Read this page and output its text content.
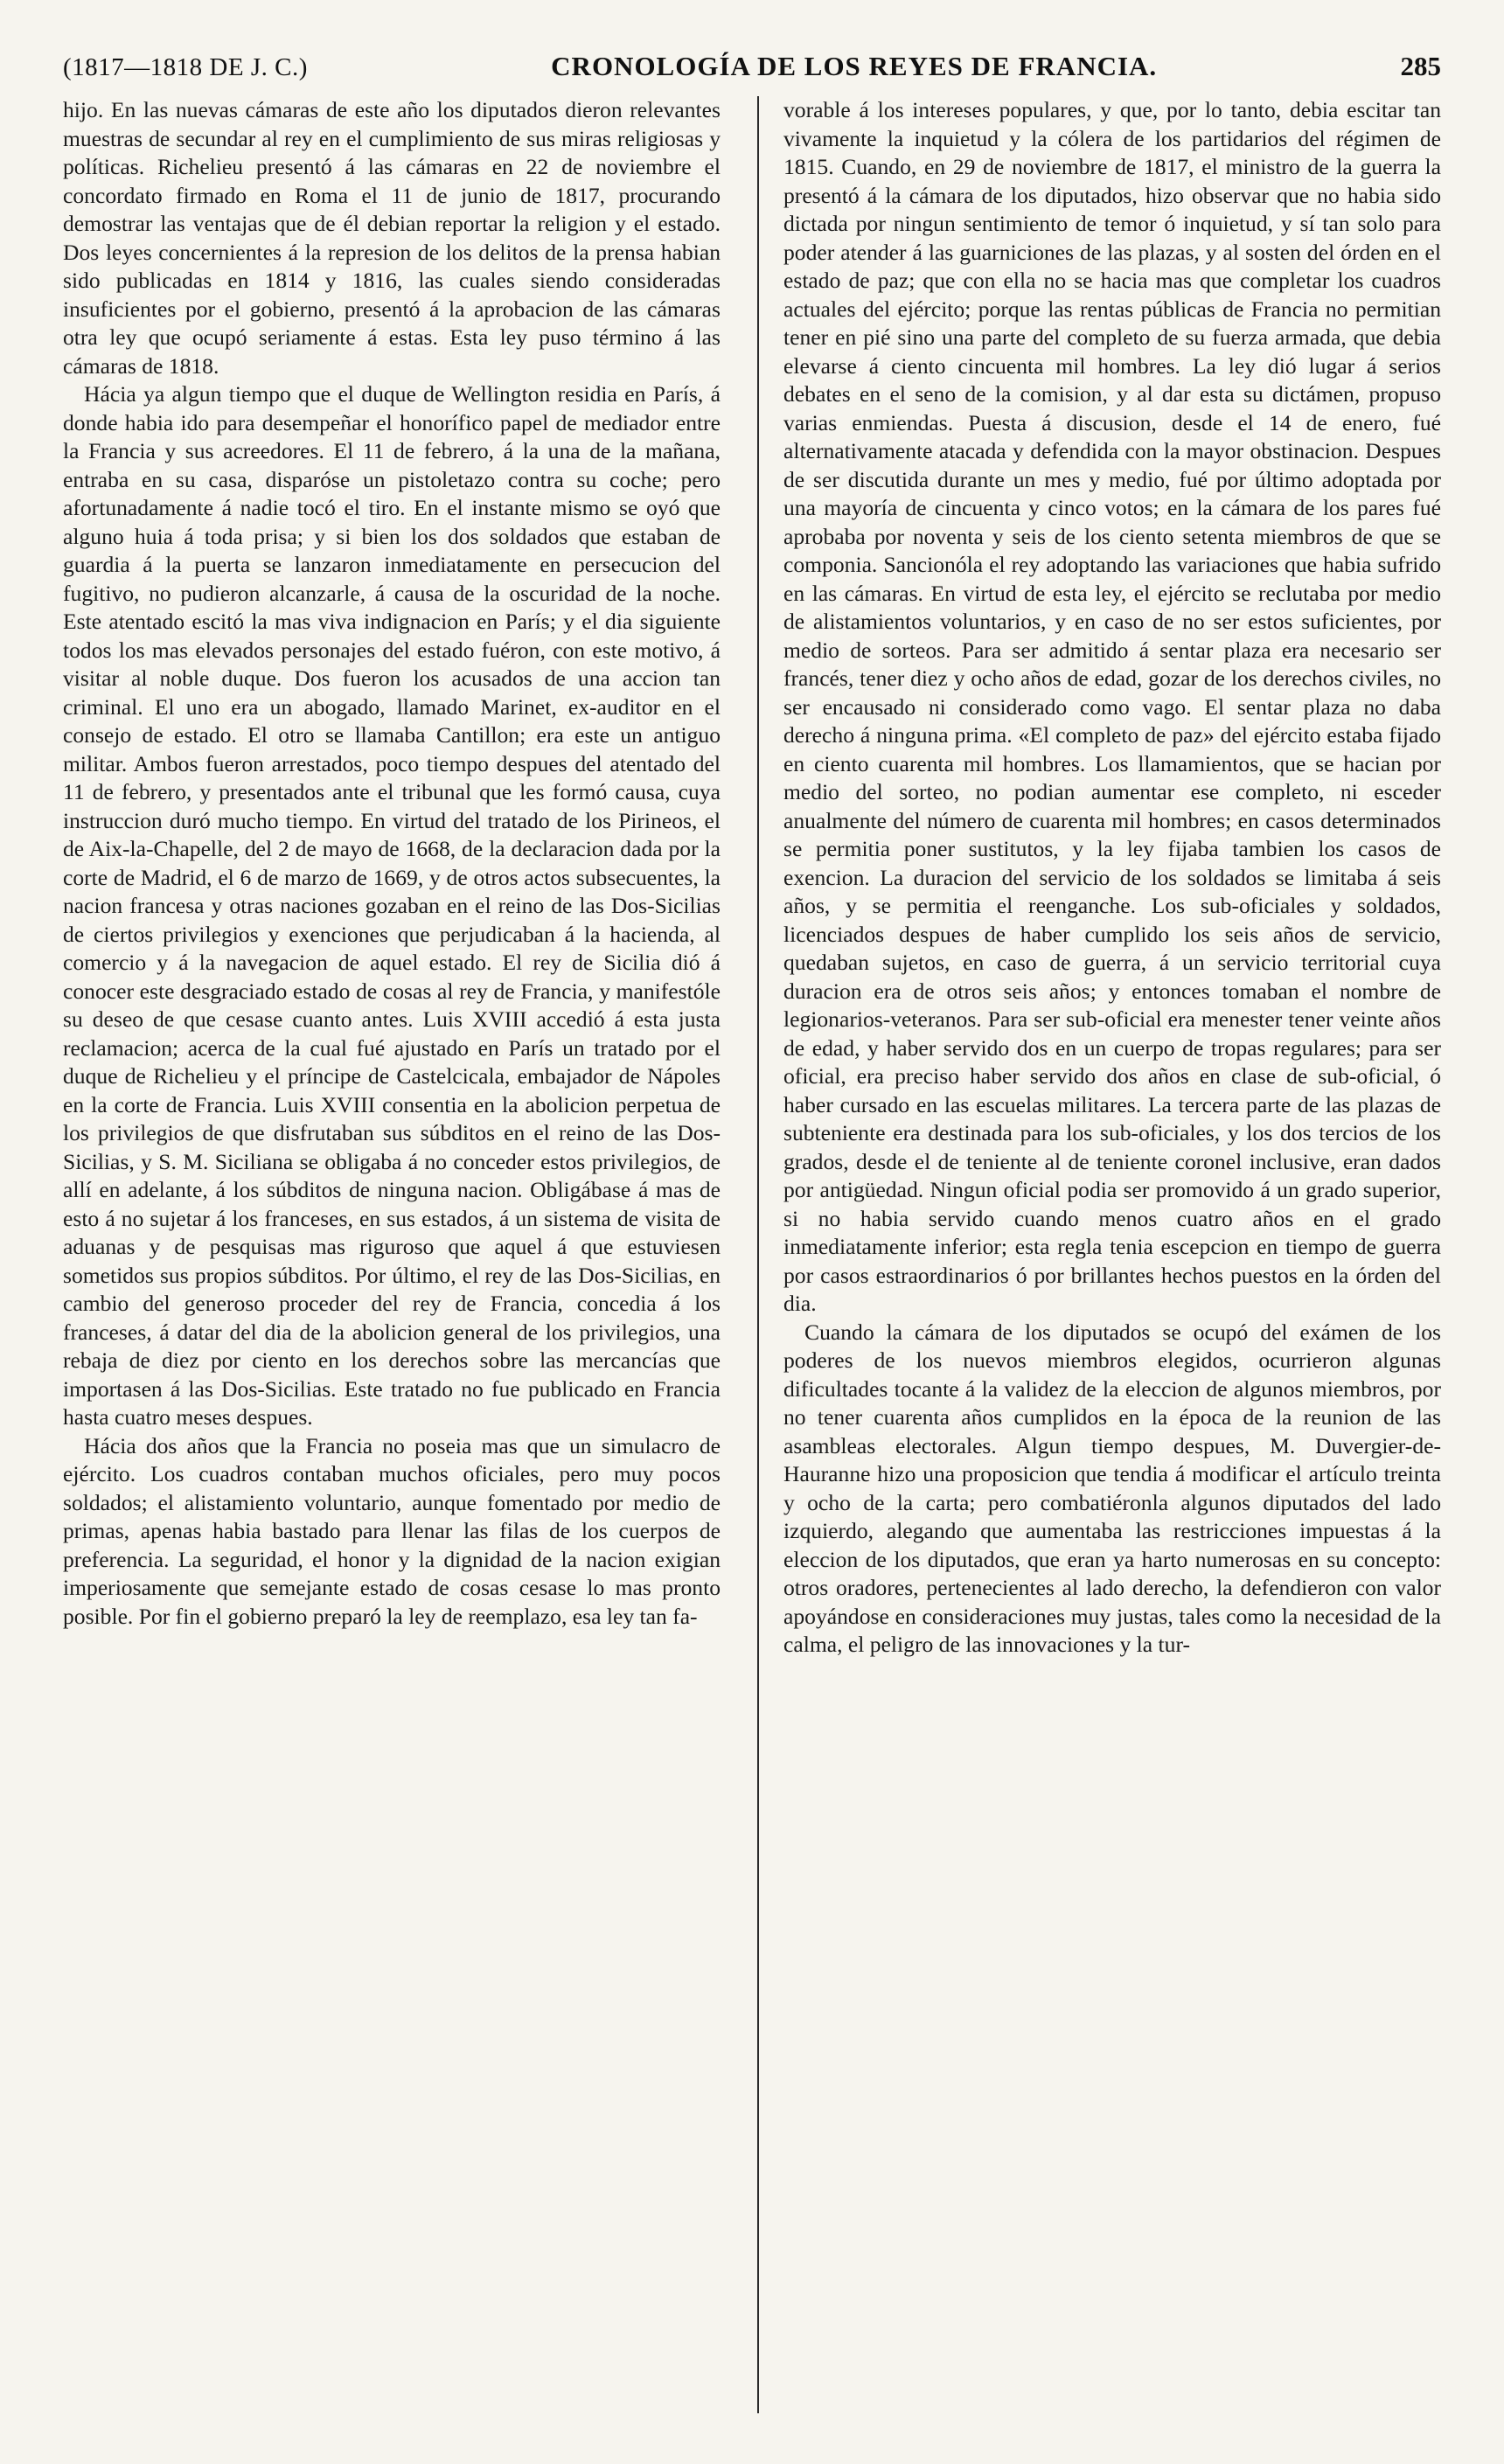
(1817—1818 DE J. C.)	CRONOLOGÍA DE LOS REYES DE FRANCIA.	285

hijo. En las nuevas cámaras de este año los diputados dieron relevantes muestras de secundar al rey en el cumplimiento de sus miras religiosas y políticas. Richelieu presentó á las cámaras en 22 de noviembre el concordato firmado en Roma el 11 de junio de 1817, procurando demostrar las ventajas que de él debian reportar la religion y el estado. Dos leyes concernientes á la represion de los delitos de la prensa habian sido publicadas en 1814 y 1816, las cuales siendo consideradas insuficientes por el gobierno, presentó á la aprobacion de las cámaras otra ley que ocupó seriamente á estas. Esta ley puso término á las cámaras de 1818.

Hácia ya algun tiempo que el duque de Wellington residia en París, á donde habia ido para desempeñar el honorífico papel de mediador entre la Francia y sus acreedores. El 11 de febrero, á la una de la mañana, entraba en su casa, disparóse un pistoletazo contra su coche; pero afortunadamente á nadie tocó el tiro. En el instante mismo se oyó que alguno huia á toda prisa; y si bien los dos soldados que estaban de guardia á la puerta se lanzaron inmediatamente en persecucion del fugitivo, no pudieron alcanzarle, á causa de la oscuridad de la noche. Este atentado escitó la mas viva indignacion en París; y el dia siguiente todos los mas elevados personajes del estado fuéron, con este motivo, á visitar al noble duque. Dos fueron los acusados de una accion tan criminal. El uno era un abogado, llamado Marinet, ex-auditor en el consejo de estado. El otro se llamaba Cantillon; era este un antiguo militar. Ambos fueron arrestados, poco tiempo despues del atentado del 11 de febrero, y presentados ante el tribunal que les formó causa, cuya instruccion duró mucho tiempo. En virtud del tratado de los Pirineos, el de Aix-la-Chapelle, del 2 de mayo de 1668, de la declaracion dada por la corte de Madrid, el 6 de marzo de 1669, y de otros actos subsecuentes, la nacion francesa y otras naciones gozaban en el reino de las Dos-Sicilias de ciertos privilegios y exenciones que perjudicaban á la hacienda, al comercio y á la navegacion de aquel estado. El rey de Sicilia dió á conocer este desgraciado estado de cosas al rey de Francia, y manifestóle su deseo de que cesase cuanto antes. Luis XVIII accedió á esta justa reclamacion; acerca de la cual fué ajustado en París un tratado por el duque de Richelieu y el príncipe de Castelcicala, embajador de Nápoles en la corte de Francia. Luis XVIII consentia en la abolicion perpetua de los privilegios de que disfrutaban sus súbditos en el reino de las Dos-Sicilias, y S. M. Siciliana se obligaba á no conceder estos privilegios, de allí en adelante, á los súbditos de ninguna nacion. Obligábase á mas de esto á no sujetar á los franceses, en sus estados, á un sistema de visita de aduanas y de pesquisas mas riguroso que aquel á que estuviesen sometidos sus propios súbditos. Por último, el rey de las Dos-Sicilias, en cambio del generoso proceder del rey de Francia, concedia á los franceses, á datar del dia de la abolicion general de los privilegios, una rebaja de diez por ciento en los derechos sobre las mercancías que importasen á las Dos-Sicilias. Este tratado no fue publicado en Francia hasta cuatro meses despues.

Hácia dos años que la Francia no poseia mas que un simulacro de ejército. Los cuadros contaban muchos oficiales, pero muy pocos soldados; el alistamiento voluntario, aunque fomentado por medio de primas, apenas habia bastado para llenar las filas de los cuerpos de preferencia. La seguridad, el honor y la dignidad de la nacion exigian imperiosamente que semejante estado de cosas cesase lo mas pronto posible. Por fin el gobierno preparó la ley de reemplazo, esa ley tan fa-

vorable á los intereses populares, y que, por lo tanto, debia escitar tan vivamente la inquietud y la cólera de los partidarios del régimen de 1815. Cuando, en 29 de noviembre de 1817, el ministro de la guerra la presentó á la cámara de los diputados, hizo observar que no habia sido dictada por ningun sentimiento de temor ó inquietud, y sí tan solo para poder atender á las guarniciones de las plazas, y al sosten del órden en el estado de paz; que con ella no se hacia mas que completar los cuadros actuales del ejército; porque las rentas públicas de Francia no permitian tener en pié sino una parte del completo de su fuerza armada, que debia elevarse á ciento cincuenta mil hombres. La ley dió lugar á serios debates en el seno de la comision, y al dar esta su dictámen, propuso varias enmiendas. Puesta á discusion, desde el 14 de enero, fué alternativamente atacada y defendida con la mayor obstinacion. Despues de ser discutida durante un mes y medio, fué por último adoptada por una mayoría de cincuenta y cinco votos; en la cámara de los pares fué aprobaba por noventa y seis de los ciento setenta miembros de que se componia. Sancionóla el rey adoptando las variaciones que habia sufrido en las cámaras. En virtud de esta ley, el ejército se reclutaba por medio de alistamientos voluntarios, y en caso de no ser estos suficientes, por medio de sorteos. Para ser admitido á sentar plaza era necesario ser francés, tener diez y ocho años de edad, gozar de los derechos civiles, no ser encausado ni considerado como vago. El sentar plaza no daba derecho á ninguna prima. «El completo de paz» del ejército estaba fijado en ciento cuarenta mil hombres. Los llamamientos, que se hacian por medio del sorteo, no podian aumentar ese completo, ni esceder anualmente del número de cuarenta mil hombres; en casos determinados se permitia poner sustitutos, y la ley fijaba tambien los casos de exencion. La duracion del servicio de los soldados se limitaba á seis años, y se permitia el reenganche. Los sub-oficiales y soldados, licenciados despues de haber cumplido los seis años de servicio, quedaban sujetos, en caso de guerra, á un servicio territorial cuya duracion era de otros seis años; y entonces tomaban el nombre de legionarios-veteranos. Para ser sub-oficial era menester tener veinte años de edad, y haber servido dos en un cuerpo de tropas regulares; para ser oficial, era preciso haber servido dos años en clase de sub-oficial, ó haber cursado en las escuelas militares. La tercera parte de las plazas de subteniente era destinada para los sub-oficiales, y los dos tercios de los grados, desde el de teniente al de teniente coronel inclusive, eran dados por antigüedad. Ningun oficial podia ser promovido á un grado superior, si no habia servido cuando menos cuatro años en el grado inmediatamente inferior; esta regla tenia escepcion en tiempo de guerra por casos estraordinarios ó por brillantes hechos puestos en la órden del dia.

Cuando la cámara de los diputados se ocupó del exámen de los poderes de los nuevos miembros elegidos, ocurrieron algunas dificultades tocante á la validez de la eleccion de algunos miembros, por no tener cuarenta años cumplidos en la época de la reunion de las asambleas electorales. Algun tiempo despues, M. Duvergier-de-Hauranne hizo una proposicion que tendia á modificar el artículo treinta y ocho de la carta; pero combatiéronla algunos diputados del lado izquierdo, alegando que aumentaba las restricciones impuestas á la eleccion de los diputados, que eran ya harto numerosas en su concepto: otros oradores, pertenecientes al lado derecho, la defendieron con valor apoyándose en consideraciones muy justas, tales como la necesidad de la calma, el peligro de las innovaciones y la tur-
